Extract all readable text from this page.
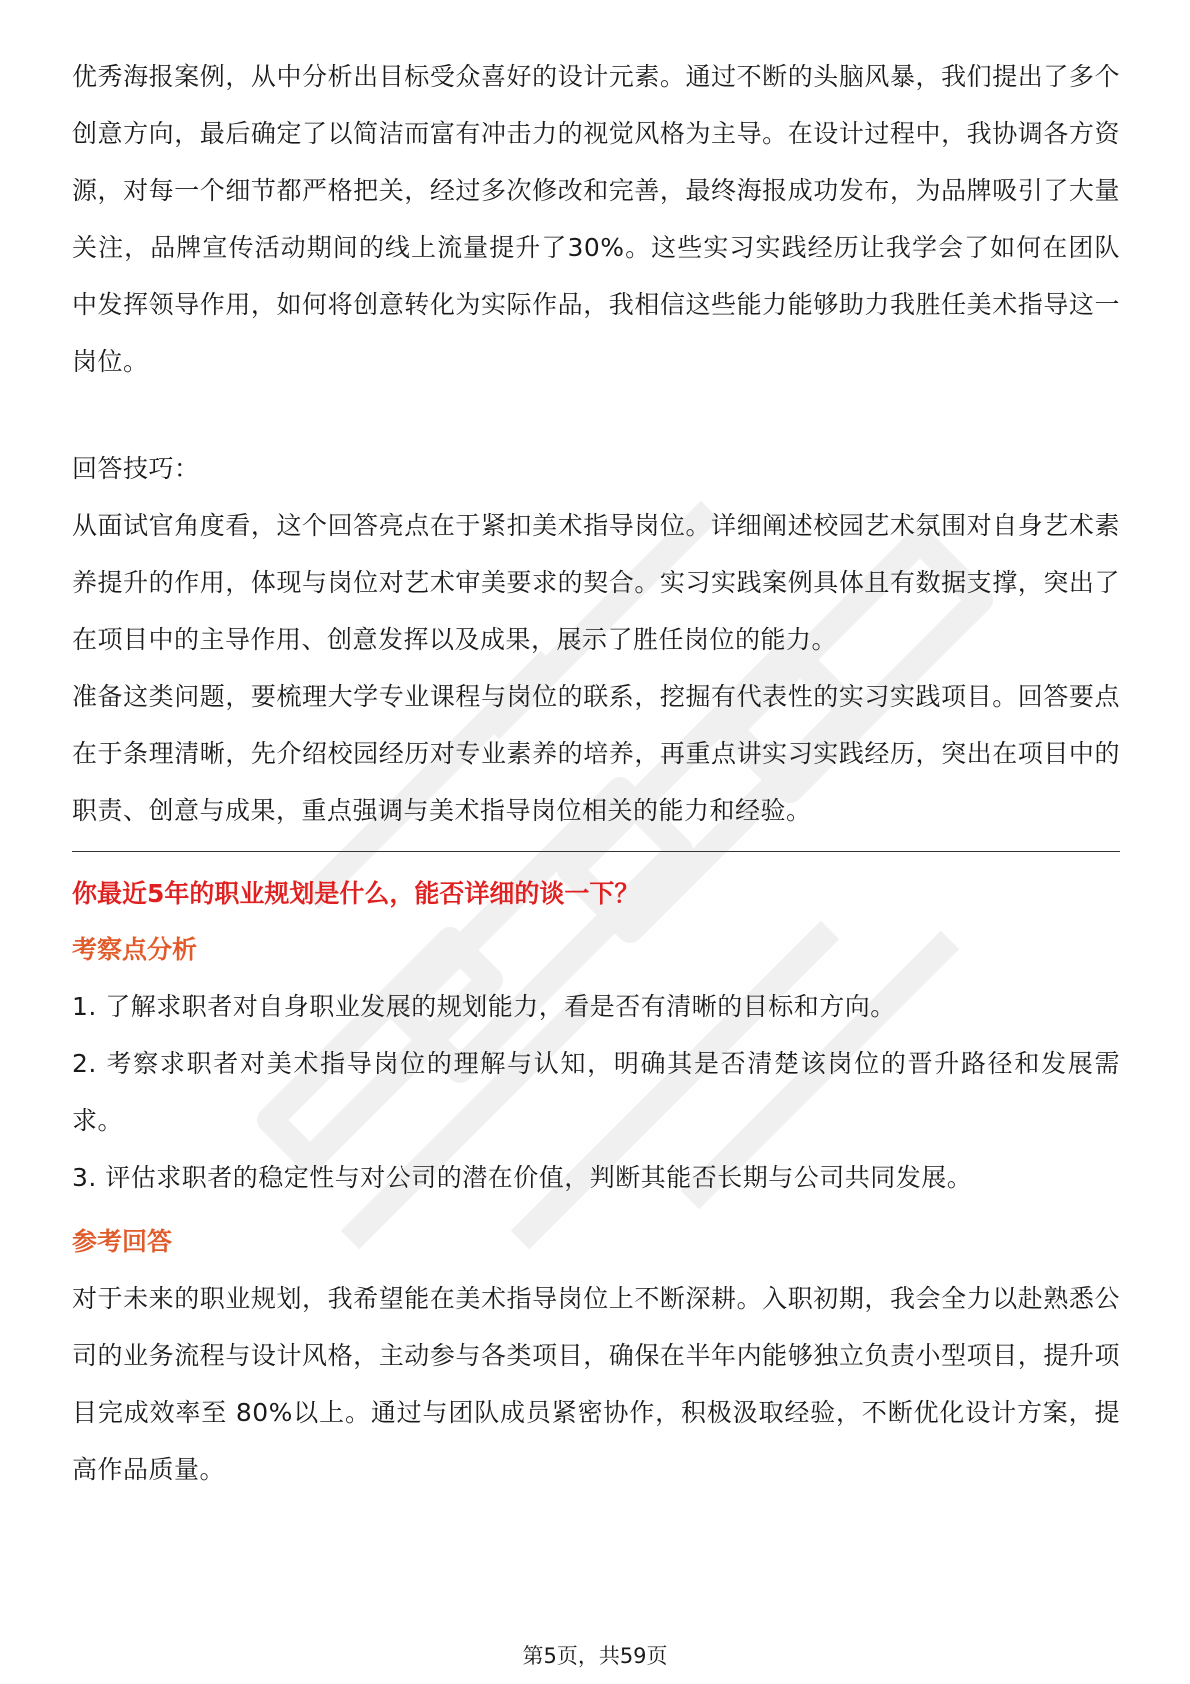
优秀海报案例，从中分析出目标受众喜好的设计元素。通过不断的头脑风暴，我们提出了多个创意方向，最后确定了以简洁而富有冲击力的视觉风格为主导。在设计过程中，我协调各方资源，对每一个细节都严格把关，经过多次修改和完善，最终海报成功发布，为品牌吸引了大量关注，品牌宣传活动期间的线上流量提升了30%。这些实习实践经历让我学会了如何在团队中发挥领导作用，如何将创意转化为实际作品，我相信这些能力能够助力我胜任美术指导这一岗位。

回答技巧：

从面试官角度看，这个回答亮点在于紧扣美术指导岗位。详细阐述校园艺术氛围对自身艺术素养提升的作用，体现与岗位对艺术审美要求的契合。实习实践案例具体且有数据支撑，突出了在项目中的主导作用、创意发挥以及成果，展示了胜任岗位的能力。

准备这类问题，要梳理大学专业课程与岗位的联系，挖掘有代表性的实习实践项目。回答要点在于条理清晰，先介绍校园经历对专业素养的培养，再重点讲实习实践经历，突出在项目中的职责、创意与成果，重点强调与美术指导岗位相关的能力和经验。

你最近5年的职业规划是什么，能否详细的谈一下？

考察点分析

1. 了解求职者对自身职业发展的规划能力，看是否有清晰的目标和方向。

2. 考察求职者对美术指导岗位的理解与认知，明确其是否清楚该岗位的晋升路径和发展需求。

3. 评估求职者的稳定性与对公司的潜在价值，判断其能否长期与公司共同发展。

参考回答

对于未来的职业规划，我希望能在美术指导岗位上不断深耕。入职初期，我会全力以赴熟悉公司的业务流程与设计风格，主动参与各类项目，确保在半年内能够独立负责小型项目，提升项目完成效率至 80%以上。通过与团队成员紧密协作，积极汲取经验，不断优化设计方案，提高作品质量。

第5页，共59页
